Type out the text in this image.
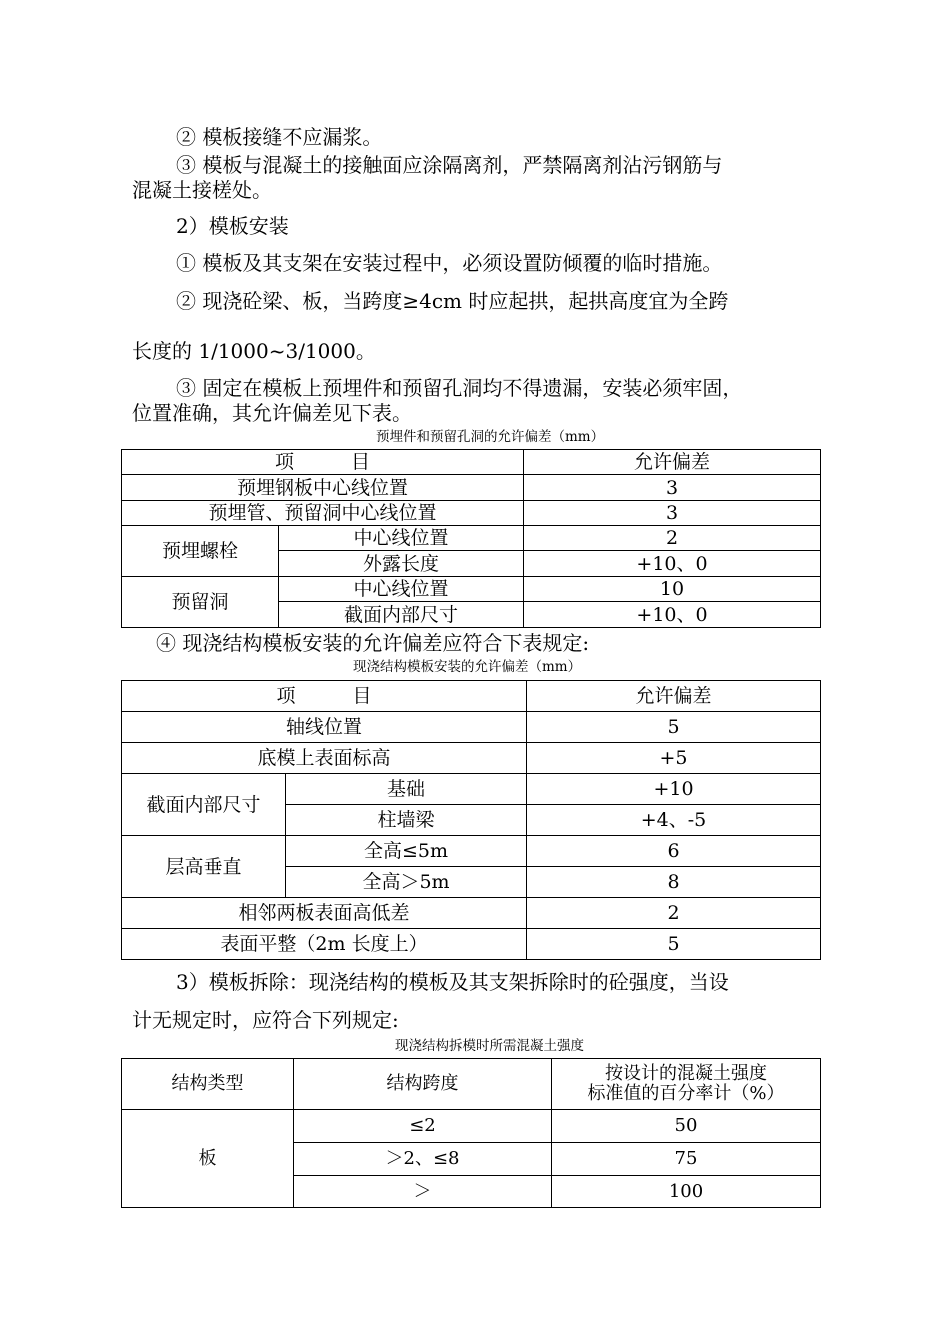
② 模板接缝不应漏浆。
③ 模板与混凝土的接触面应涂隔离剂，严禁隔离剂沾污钢筋与
混凝土接槎处。
2）模板安装
① 模板及其支架在安装过程中，必须设置防倾覆的临时措施。
② 现浇砼梁、板，当跨度≥4cm 时应起拱，起拱高度宜为全跨
长度的 1/1000~3/1000。
③ 固定在模板上预埋件和预留孔洞均不得遗漏，安装必须牢固，
位置准确，其允许偏差见下表。
预埋件和预留孔洞的允许偏差（mm）
项　　　目		允许偏差
预埋钢板中心线位置		3
预埋管、预留洞中心线位置		3
预埋螺栓	中心线位置	2
	外露长度	+10、0
预留洞	中心线位置	10
	截面内部尺寸	+10、0
④ 现浇结构模板安装的允许偏差应符合下表规定:
现浇结构模板安装的允许偏差（mm）
项　　　目		允许偏差
轴线位置		5
底模上表面标高		+5
截面内部尺寸	基础	+10
	柱墙梁	+4、-5
层高垂直	全高≤5m	6
	全高＞5m	8
相邻两板表面高低差		2
表面平整（2m 长度上）		5
3）模板拆除：现浇结构的模板及其支架拆除时的砼强度，当设
计无规定时，应符合下列规定:
现浇结构拆模时所需混凝土强度
结构类型	结构跨度	按设计的混凝土强度
标准值的百分率计（%）

板	≤2	50
	＞2、≤8	75
	＞	100
